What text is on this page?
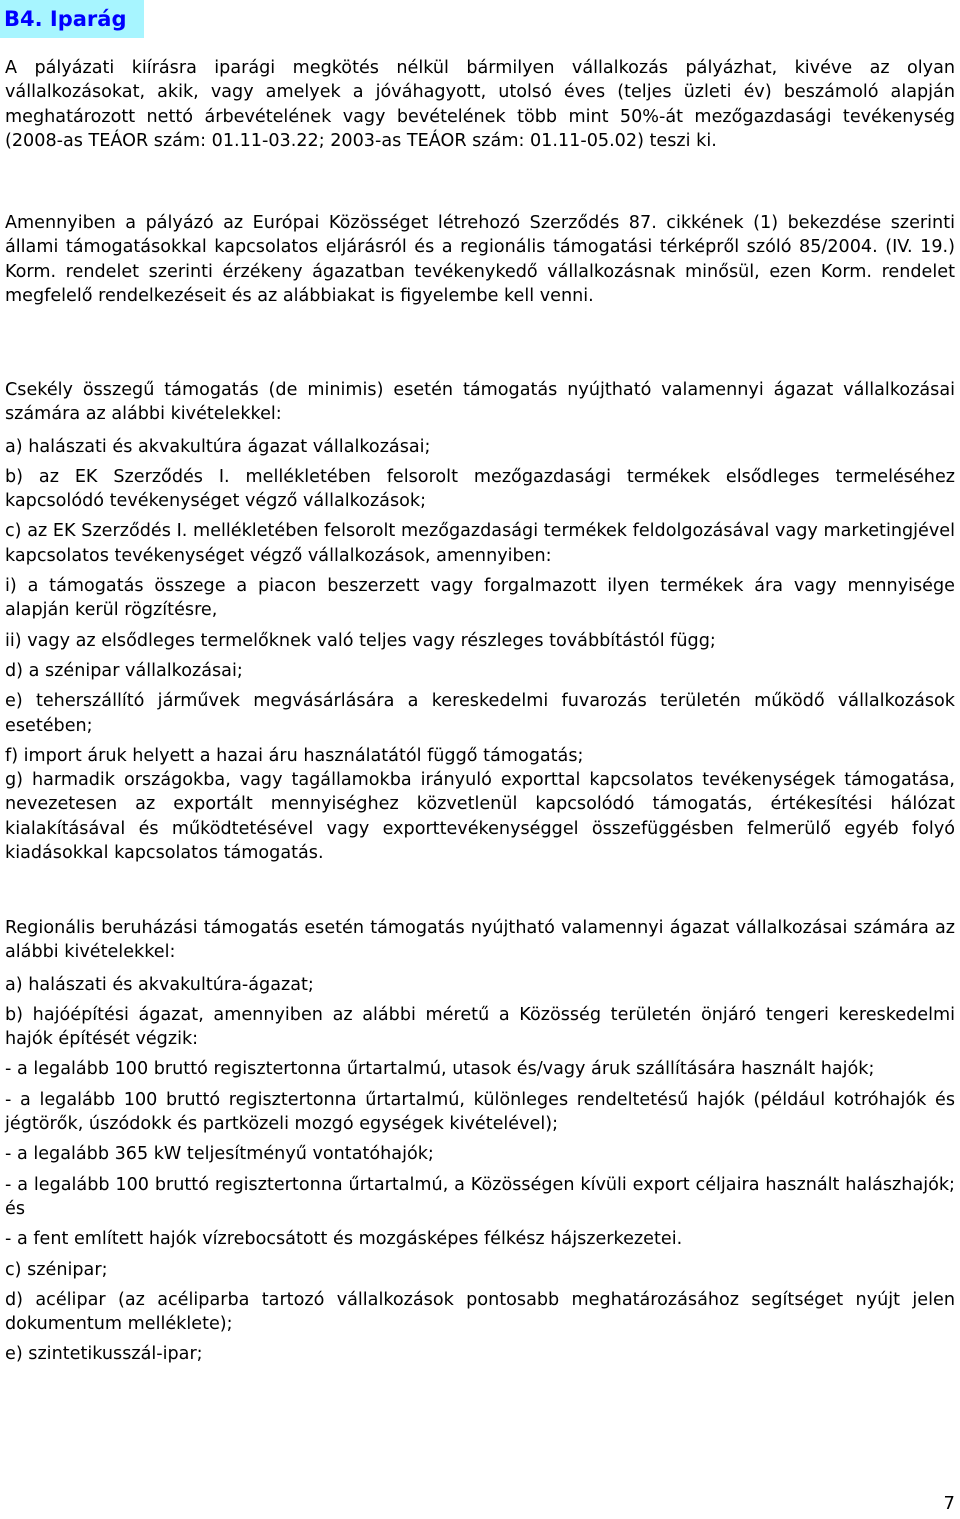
B4. Iparág

A pályázati kiírásra iparági megkötés nélkül bármilyen vállalkozás pályázhat, kivéve az olyan vállalkozásokat, akik, vagy amelyek a jóváhagyott, utolsó éves (teljes üzleti év) beszámoló alapján meghatározott nettó árbevételének vagy bevételének több mint 50%-át mezőgazdasági tevékenység (2008-as TEÁOR szám: 01.11-03.22; 2003-as TEÁOR szám: 01.11-05.02) teszi ki.

Amennyiben a pályázó az Európai Közösséget létrehozó Szerződés 87. cikkének (1) bekezdése szerinti állami támogatásokkal kapcsolatos eljárásról és a regionális támogatási térképről szóló 85/2004. (IV. 19.) Korm. rendelet szerinti érzékeny ágazatban tevékenykedő vállalkozásnak minősül, ezen Korm. rendelet megfelelő rendelkezéseit és az alábbiakat is figyelembe kell venni.

Csekély összegű támogatás (de minimis) esetén támogatás nyújtható valamennyi ágazat vállalkozásai számára az alábbi kivételekkel:

a) halászati és akvakultúra ágazat vállalkozásai;

b) az EK Szerződés I. mellékletében felsorolt mezőgazdasági termékek elsődleges termeléséhez kapcsolódó tevékenységet végző vállalkozások;

c) az EK Szerződés I. mellékletében felsorolt mezőgazdasági termékek feldolgozásával vagy marketingjével kapcsolatos tevékenységet végző vállalkozások, amennyiben:

i) a támogatás összege a piacon beszerzett vagy forgalmazott ilyen termékek ára vagy mennyisége alapján kerül rögzítésre,

ii) vagy az elsődleges termelőknek való teljes vagy részleges továbbítástól függ;

d) a szénipar vállalkozásai;

e) teherszállító járművek megvásárlására a kereskedelmi fuvarozás területén működő vállalkozások esetében;

f) import áruk helyett a hazai áru használatától függő támogatás;

g) harmadik országokba, vagy tagállamokba irányuló exporttal kapcsolatos tevékenységek támogatása, nevezetesen az exportált mennyiséghez közvetlenül kapcsolódó támogatás, értékesítési hálózat kialakításával és működtetésével vagy exporttevékenységgel összefüggésben felmerülő egyéb folyó kiadásokkal kapcsolatos támogatás.

Regionális beruházási támogatás esetén támogatás nyújtható valamennyi ágazat vállalkozásai számára az alábbi kivételekkel:

a) halászati és akvakultúra-ágazat;

b) hajóépítési ágazat, amennyiben az alábbi méretű a Közösség területén önjáró tengeri kereskedelmi hajók építését végzik:

- a legalább 100 bruttó regisztertonna űrtartalmú, utasok és/vagy áruk szállítására használt hajók;

- a legalább 100 bruttó regisztertonna űrtartalmú, különleges rendeltetésű hajók (például kotróhajók és jégtörők, úszódokk és partközeli mozgó egységek kivételével);

- a legalább 365 kW teljesítményű vontatóhajók;

- a legalább 100 bruttó regisztertonna űrtartalmú, a Közösségen kívüli export céljaira használt halászhajók; és

- a fent említett hajók vízrebocsátott és mozgásképes félkész hájszerkezetei.

c) szénipar;

d) acélipar (az acéliparba tartozó vállalkozások pontosabb meghatározásához segítséget nyújt jelen dokumentum melléklete);

e) szintetikusszál-ipar;

7
